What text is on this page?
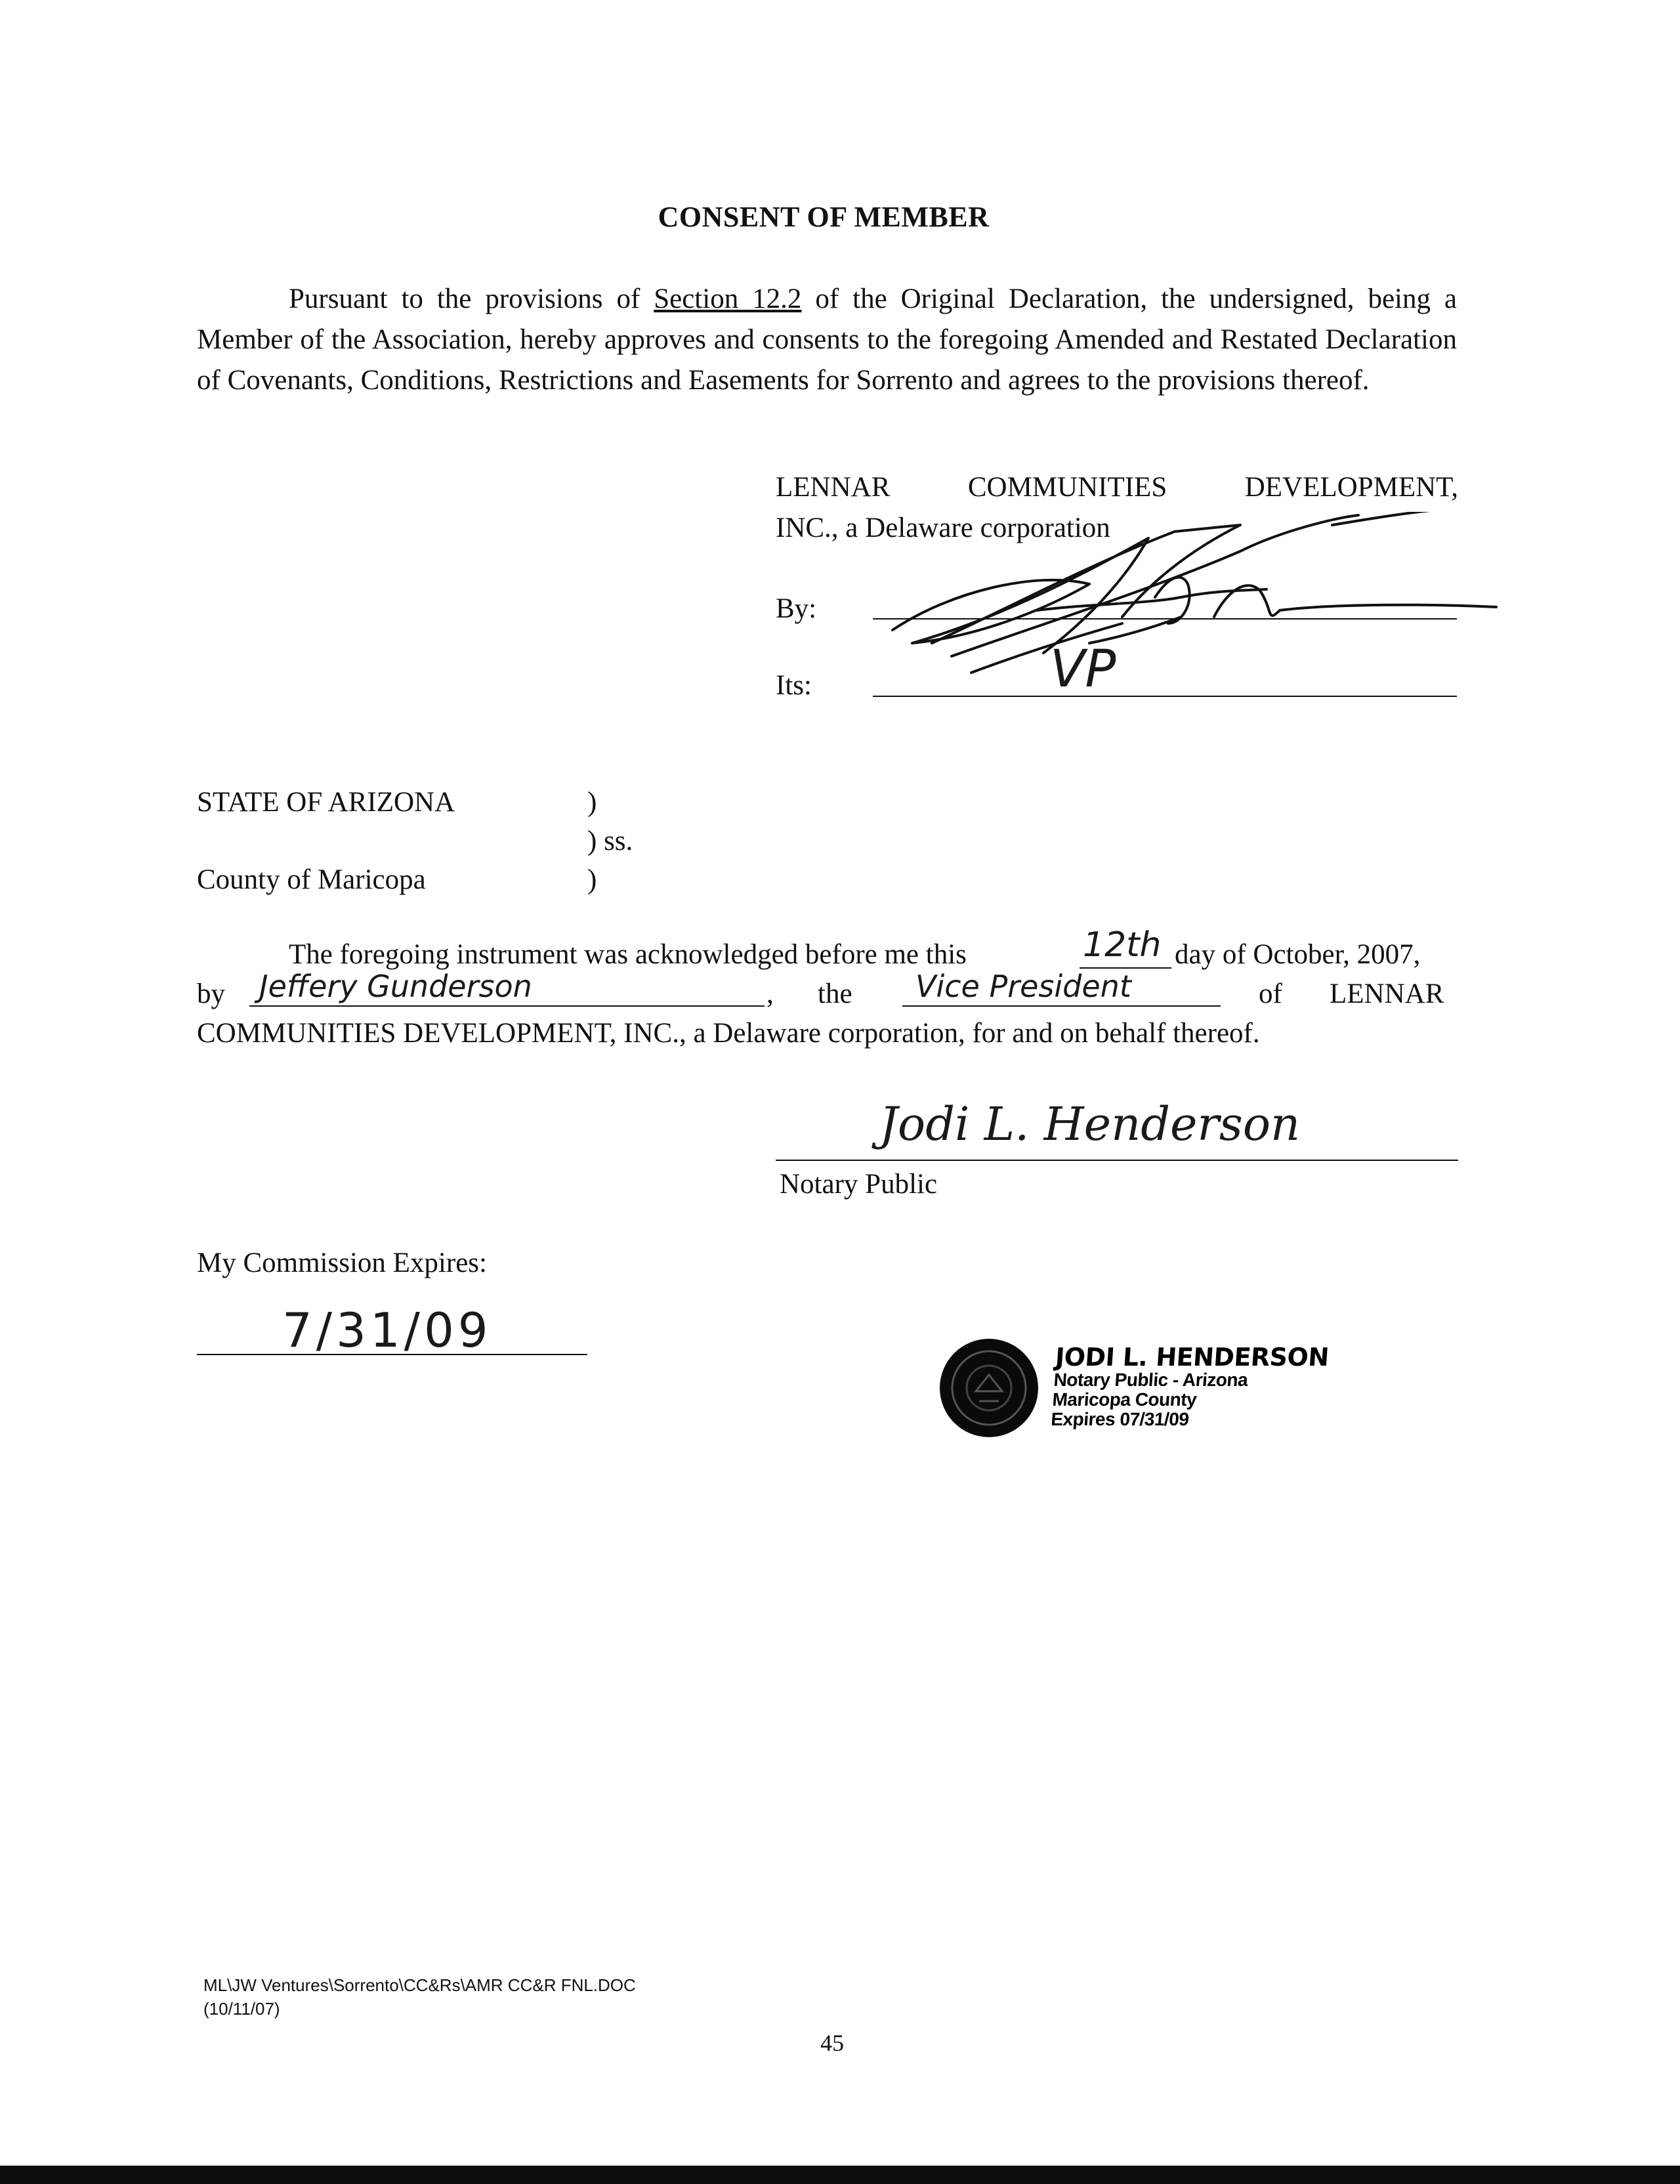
CONSENT OF MEMBER

Pursuant to the provisions of Section 12.2 of the Original Declaration, the undersigned, being a Member of the Association, hereby approves and consents to the foregoing Amended and Restated Declaration of Covenants, Conditions, Restrictions and Easements for Sorrento and agrees to the provisions thereof.

LENNAR	COMMUNITIES	DEVELOPMENT,
INC., a Delaware corporation
By:
Its:	VP
STATE OF ARIZONA	)
) ss.
County of Maricopa	)
The foregoing instrument was acknowledged before me this	12th day of October, 2007,
by Jeffery Gunderson	, the Vice President	of LENNAR
COMMUNITIES DEVELOPMENT, INC., a Delaware corporation, for and on behalf thereof.
Jodi L. Henderson
Notary Public
My Commission Expires:
7/31/09	JODI L. HENDERSON
Notary Public - Arizona
Maricopa County
Expires 07/31/09
ML\JW Ventures\Sorrento\CC&Rs\AMR CC&R FNL.DOC
(10/11/07)
45
